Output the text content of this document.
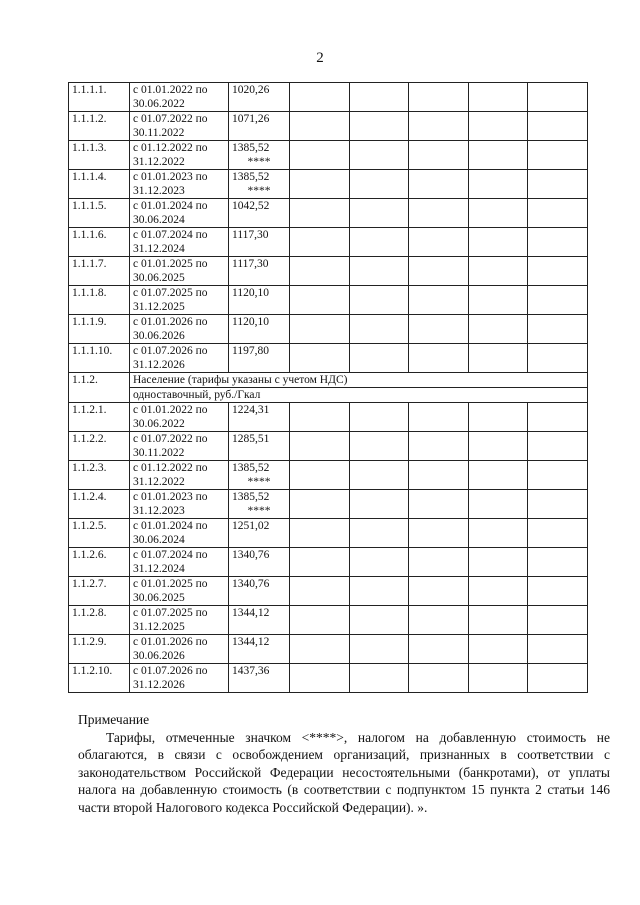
2
1.1.1.1.	с 01.01.2022 по 30.06.2022	1020,26					

1.1.1.2.	с 01.07.2022 по 30.11.2022	1071,26					

1.1.1.3.	с 01.12.2022 по 31.12.2022	1385,52
****					

1.1.1.4.	с 01.01.2023 по 31.12.2023	1385,52
****					

1.1.1.5.	с 01.01.2024 по 30.06.2024	1042,52					

1.1.1.6.	с 01.07.2024 по 31.12.2024	1117,30					

1.1.1.7.	с 01.01.2025 по 30.06.2025	1117,30					

1.1.1.8.	с 01.07.2025 по 31.12.2025	1120,10					

1.1.1.9.	с 01.01.2026 по 30.06.2026	1120,10					

1.1.1.10.	с 01.07.2026 по 31.12.2026	1197,80					

1.1.2.	Население (тарифы указаны с учетом НДС)						
	одноставочный, руб./Гкал						
1.1.2.1.	с 01.01.2022 по 30.06.2022	1224,31					

1.1.2.2.	с 01.07.2022 по 30.11.2022	1285,51					

1.1.2.3.	с 01.12.2022 по 31.12.2022	1385,52
****					

1.1.2.4.	с 01.01.2023 по 31.12.2023	1385,52
****					

1.1.2.5.	с 01.01.2024 по 30.06.2024	1251,02					

1.1.2.6.	с 01.07.2024 по 31.12.2024	1340,76					

1.1.2.7.	с 01.01.2025 по 30.06.2025	1340,76					

1.1.2.8.	с 01.07.2025 по 31.12.2025	1344,12					

1.1.2.9.	с 01.01.2026 по 30.06.2026	1344,12					

1.1.2.10.	с 01.07.2026 по 31.12.2026	1437,36					

Примечание

Тарифы, отмеченные значком <****>, налогом на добавленную стоимость не облагаются, в связи с освобождением организаций, признанных в соответствии с законодательством Российской Федерации несостоятельными (банкротами), от уплаты налога на добавленную стоимость (в соответствии с подпунктом 15 пункта 2 статьи 146 части второй Налогового кодекса Российской Федерации). ».
